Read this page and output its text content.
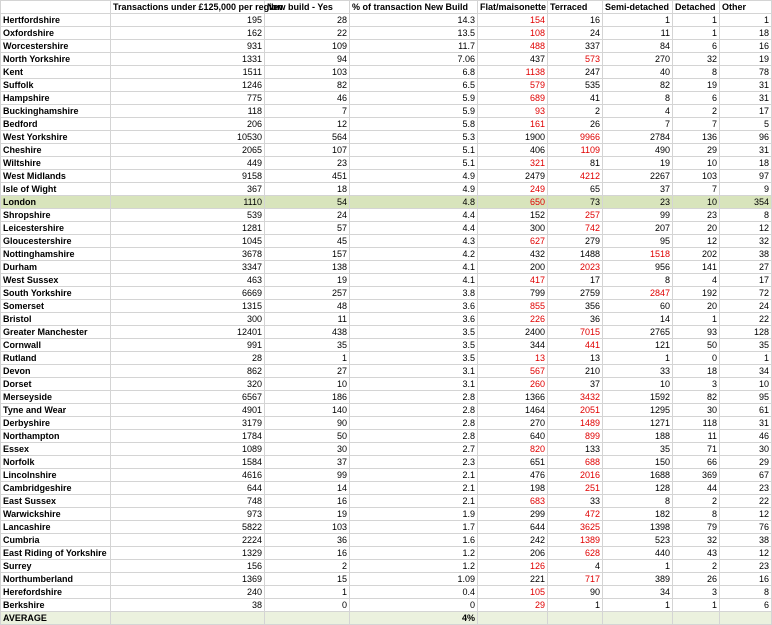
	Transactions under £125,000 per region	New build - Yes	% of transaction New Build	Flat/maisonette	Terraced	Semi-detached	Detached	Other
Hertfordshire	195	28	14.3	154	16	1	1	1
Oxfordshire	162	22	13.5	108	24	11	1	18
Worcestershire	931	109	11.7	488	337	84	6	16
North Yorkshire	1331	94	7.06	437	573	270	32	19
Kent	1511	103	6.8	1138	247	40	8	78
Suffolk	1246	82	6.5	579	535	82	19	31
Hampshire	775	46	5.9	689	41	8	6	31
Buckinghamshire	118	7	5.9	93	2	4	2	17
Bedford	206	12	5.8	161	26	7	7	5
West Yorkshire	10530	564	5.3	1900	9966	2784	136	96
Cheshire	2065	107	5.1	406	1109	490	29	31
Wiltshire	449	23	5.1	321	81	19	10	18
West Midlands	9158	451	4.9	2479	4212	2267	103	97
Isle of Wight	367	18	4.9	249	65	37	7	9
London	1110	54	4.8	650	73	23	10	354
Shropshire	539	24	4.4	152	257	99	23	8
Leicestershire	1281	57	4.4	300	742	207	20	12
Gloucestershire	1045	45	4.3	627	279	95	12	32
Nottinghamshire	3678	157	4.2	432	1488	1518	202	38
Durham	3347	138	4.1	200	2023	956	141	27
West Sussex	463	19	4.1	417	17	8	4	17
South Yorkshire	6669	257	3.8	799	2759	2847	192	72
Somerset	1315	48	3.6	855	356	60	20	24
Bristol	300	11	3.6	226	36	14	1	22
Greater Manchester	12401	438	3.5	2400	7015	2765	93	128
Cornwall	991	35	3.5	344	441	121	50	35
Rutland	28	1	3.5	13	13	1	0	1
Devon	862	27	3.1	567	210	33	18	34
Dorset	320	10	3.1	260	37	10	3	10
Merseyside	6567	186	2.8	1366	3432	1592	82	95
Tyne and Wear	4901	140	2.8	1464	2051	1295	30	61
Derbyshire	3179	90	2.8	270	1489	1271	118	31
Northampton	1784	50	2.8	640	899	188	11	46
Essex	1089	30	2.7	820	133	35	71	30
Norfolk	1584	37	2.3	651	688	150	66	29
Lincolnshire	4616	99	2.1	476	2016	1688	369	67
Cambridgeshire	644	14	2.1	198	251	128	44	23
East Sussex	748	16	2.1	683	33	8	2	22
Warwickshire	973	19	1.9	299	472	182	8	12
Lancashire	5822	103	1.7	644	3625	1398	79	76
Cumbria	2224	36	1.6	242	1389	523	32	38
East Riding of Yorkshire	1329	16	1.2	206	628	440	43	12
Surrey	156	2	1.2	126	4	1	2	23
Northumberland	1369	15	1.09	221	717	389	26	16
Herefordshire	240	1	0.4	105	90	34	3	8
Berkshire	38	0	0	29	1	1	1	6
AVERAGE			4%					
